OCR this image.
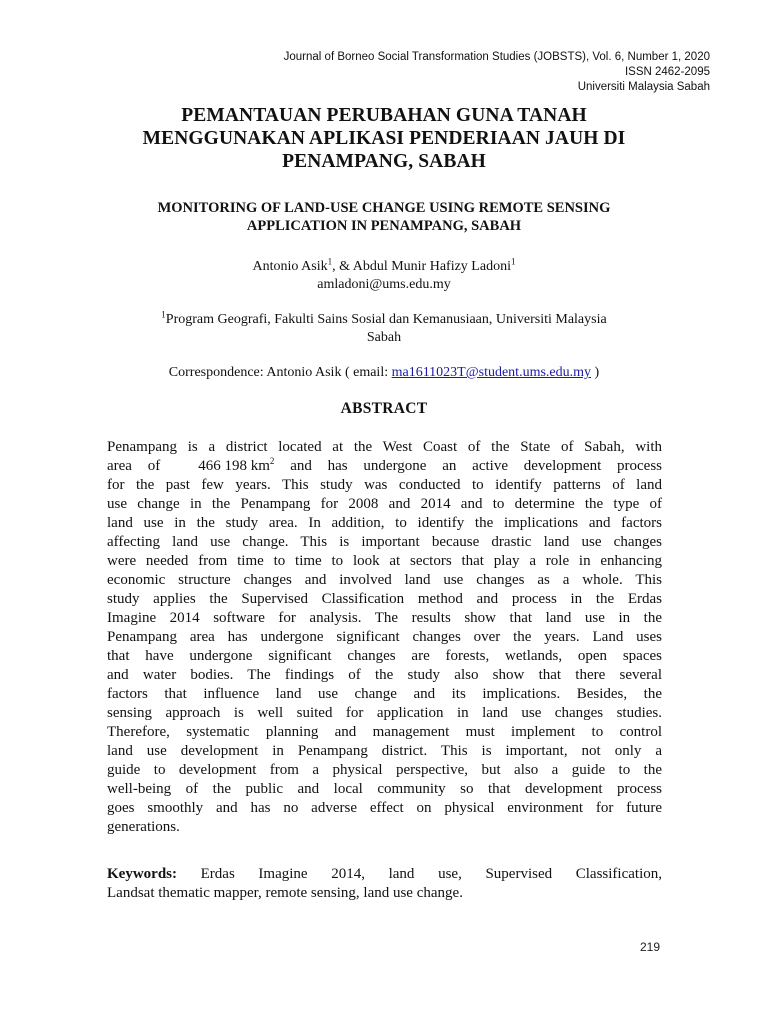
Journal of Borneo Social Transformation Studies (JOBSTS), Vol. 6, Number 1, 2020
ISSN 2462-2095
Universiti Malaysia Sabah
PEMANTAUAN PERUBAHAN GUNA TANAH
MENGGUNAKAN APLIKASI PENDERIAAN JAUH DI
PENAMPANG, SABAH
MONITORING OF LAND-USE CHANGE USING REMOTE SENSING
APPLICATION IN PENAMPANG, SABAH
Antonio Asik$^1$, & Abdul Munir Hafizy Ladoni$^1$
amladoni@ums.edu.my
$^1$Program Geografi, Fakulti Sains Sosial dan Kemanusiaan, Universiti Malaysia
Sabah
Correspondence: Antonio Asik ( email: ma1611023T@student.ums.edu.my )
ABSTRACT
Penampang is a district located at the West Coast of the State of Sabah, with
area of	466 198 $km^2$ and has undergone an active development process
for the past few years. This study was conducted to identify patterns of land
use change in the Penampang for 2008 and 2014 and to determine the type of
land use in the study area. In addition, to identify the implications and factors
affecting land use change. This is important because drastic land use changes
were needed from time to time to look at sectors that play a role in enhancing
economic structure changes and involved land use changes as a whole. This
study applies the Supervised Classification method and process in the Erdas
Imagine 2014 software for analysis. The results show that land use in the
Penampang area has undergone significant changes over the years. Land uses
that have undergone significant changes are forests, wetlands, open spaces
and water bodies. The findings of the study also show that there several
factors that influence land use change and its implications. Besides, the
sensing approach is well suited for application in land use changes studies.
Therefore, systematic planning and management must implement to control
land use development in Penampang district. This is important, not only a
guide to development from a physical perspective, but also a guide to the
well-being of the public and local community so that development process
goes smoothly and has no adverse effect on physical environment for future
generations.
Keywords: Erdas Imagine 2014, land use, Supervised Classification,
Landsat thematic mapper, remote sensing, land use change.
219
